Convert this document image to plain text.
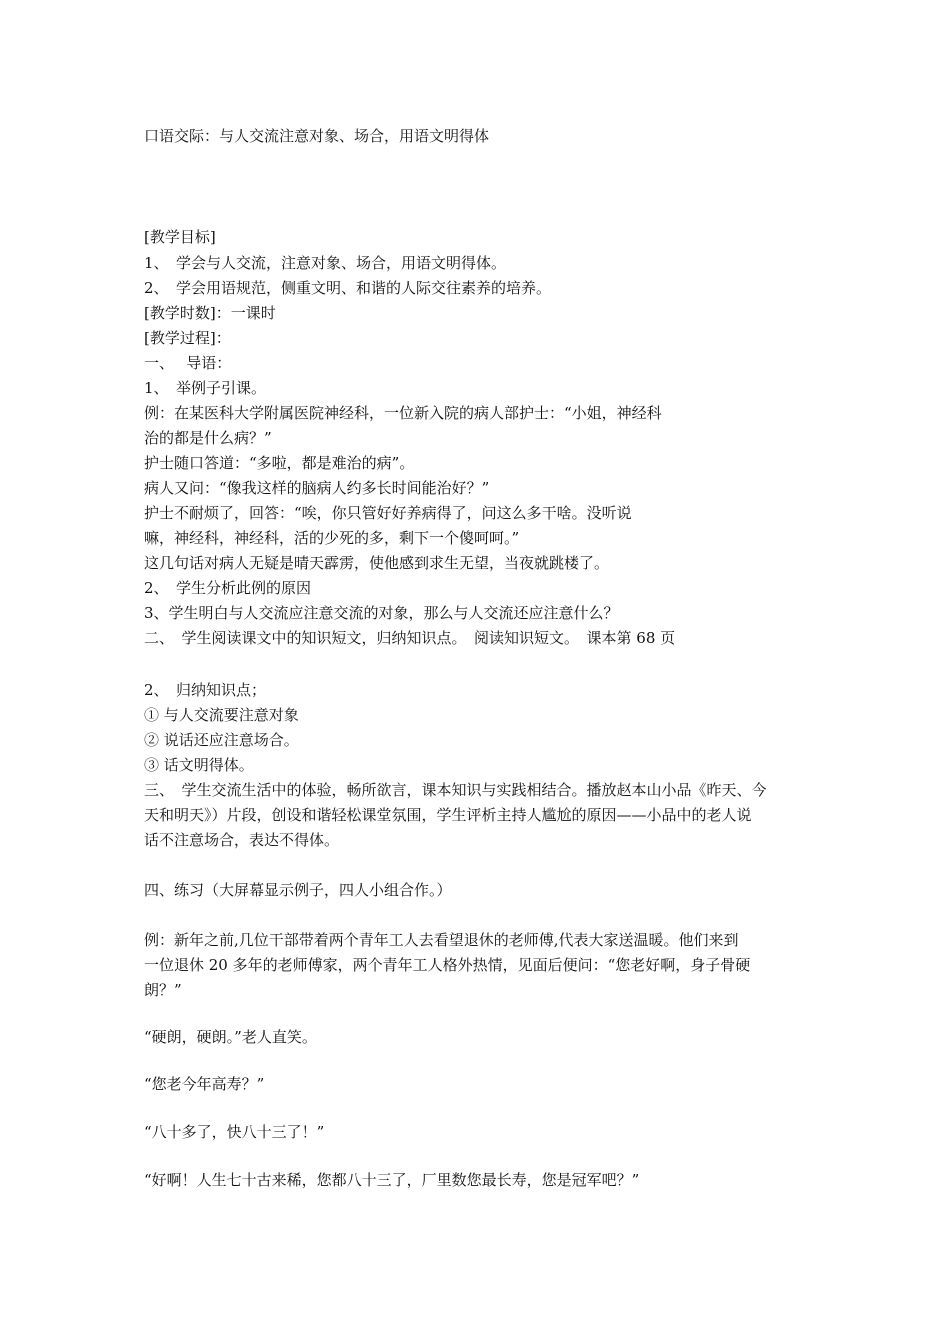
口语交际：与人交流注意对象、场合，用语文明得体
[教学目标]
1、　学会与人交流，注意对象、场合，用语文明得体。
2、　学会用语规范，侧重文明、和谐的人际交往素养的培养。
[教学时数]：一课时
[教学过程]：
一、　 导语：
1、　举例子引课。
例：在某医科大学附属医院神经科，一位新入院的病人部护士：“小姐，神经科
治的都是什么病？”
护士随口答道：“多啦，都是难治的病”。
病人又问：“像我这样的脑病人约多长时间能治好？”
护士不耐烦了，回答：“唉，你只管好好养病得了，问这么多干啥。没听说
嘛，神经科，神经科，活的少死的多，剩下一个傻呵呵。”
这几句话对病人无疑是晴天霹雳，使他感到求生无望，当夜就跳楼了。
2、　学生分析此例的原因
3、学生明白与人交流应注意交流的对象，那么与人交流还应注意什么？
二、　学生阅读课文中的知识短文，归纳知识点。　阅读知识短文。　课本第 68 页
2、　归纳知识点；
① 与人交流要注意对象
② 说话还应注意场合。
③ 话文明得体。
三、　学生交流生活中的体验，畅所欲言，课本知识与实践相结合。播放赵本山小品《昨天、今
天和明天》）片段，创设和谐轻松课堂氛围，学生评析主持人尴尬的原因——小品中的老人说
话不注意场合，表达不得体。
四、练习（大屏幕显示例子，四人小组合作。）
例：新年之前,几位干部带着两个青年工人去看望退休的老师傅,代表大家送温暖。他们来到
一位退休 20 多年的老师傅家，两个青年工人格外热情，见面后便问：“您老好啊，身子骨硬
朗？”
“硬朗，硬朗。”老人直笑。
“您老今年高寿？”
“八十多了，快八十三了！”
“好啊！人生七十古来稀，您都八十三了，厂里数您最长寿，您是冠军吧？”
